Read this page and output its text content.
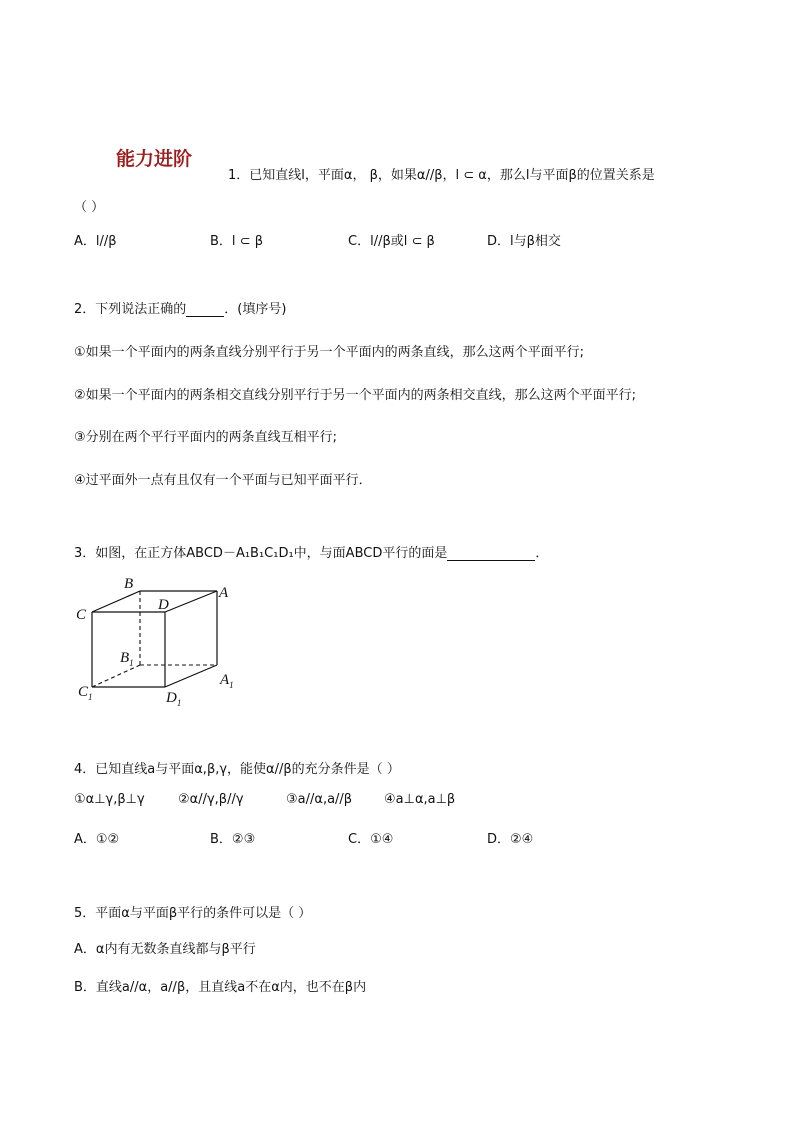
能力进阶
1．已知直线l，平面α， β，如果α//β，l ⊂ α，那么l与平面β的位置关系是
（ ）
A．l//β	B．l ⊂ β	C．l//β或l ⊂ β	D．l与β相交
2．下列说法正确的	．(填序号)
①如果一个平面内的两条直线分别平行于另一个平面内的两条直线，那么这两个平面平行;
②如果一个平面内的两条相交直线分别平行于另一个平面内的两条相交直线，那么这两个平面平行;
③分别在两个平行平面内的两条直线互相平行;
④过平面外一点有且仅有一个平面与已知平面平行．
3．如图，在正方体ABCD－A₁B₁C₁D₁中，与面ABCD平行的面是	．
B
D
A
C
$B_1$
$C_1$	$D_1$
$A_1$
4．已知直线a与平面α,β,γ，能使α//β的充分条件是（ ）
①α⊥γ,β⊥γ	②α//γ,β//γ	③a//α,a//β ④a⊥α,a⊥β
A．①②	B．②③	C．①④	D．②④
5．平面α与平面β平行的条件可以是（ ）
A．α内有无数条直线都与β平行
B．直线a//α，a//β，且直线a不在α内，也不在β内
